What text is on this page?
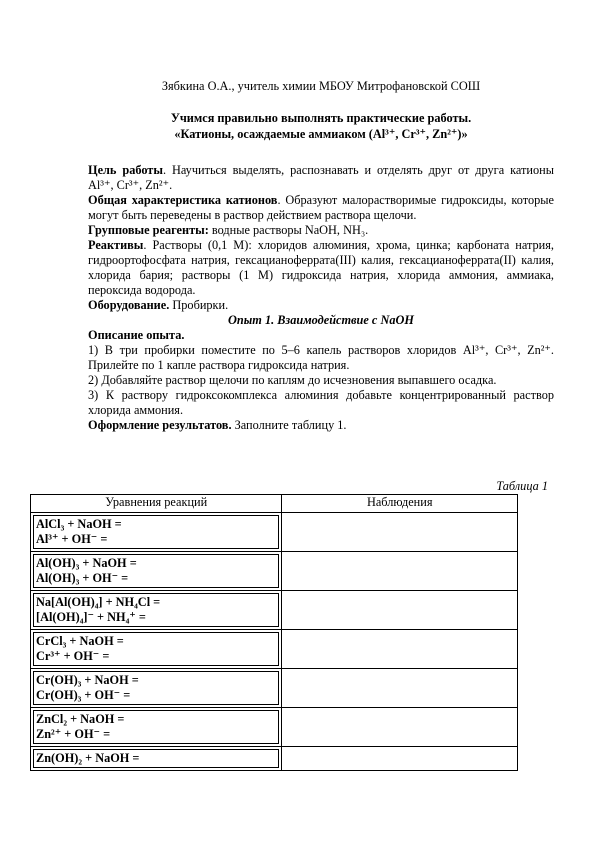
Зябкина О.А., учитель химии МБОУ Митрофановской СОШ
Учимся правильно выполнять практические работы.
«Катионы, осаждаемые аммиаком (Al³⁺, Cr³⁺, Zn²⁺)»

Цель работы. Научиться выделять, распознавать и отделять друг от друга катионы Al³⁺, Cr³⁺, Zn²⁺.

Общая характеристика катионов. Образуют малорастворимые гидроксиды, которые могут быть переведены в раствор действием раствора щелочи.

Групповые реагенты: водные растворы NaOH, NH₃.

Реактивы. Растворы (0,1 М): хлоридов алюминия, хрома, цинка; карбоната натрия, гидроортофосфата натрия, гексацианоферрата(III) калия, гексацианоферрата(II) калия, хлорида бария; растворы (1 М) гидроксида натрия, хлорида аммония, аммиака, пероксида водорода.

Оборудование. Пробирки.

Опыт 1. Взаимодействие с NaOH

Описание опыта.

1) В три пробирки поместите по 5–6 капель растворов хлоридов Al³⁺, Cr³⁺, Zn²⁺. Прилейте по 1 капле раствора гидроксида натрия.

2) Добавляйте раствор щелочи по каплям до исчезновения выпавшего осадка.

3) К раствору гидроксокомплекса алюминия добавьте концентрированный раствор хлорида аммония.

Оформление результатов. Заполните таблицу 1.

Таблица 1
Уравнения реакций	Наблюдения

AlCl₃ + NaOH =
Al³⁺ + OH⁻ =	

Al(OH)₃ + NaOH =
Al(OH)₃ + OH⁻ =	

Na[Al(OH)₄] + NH₄Cl =
[Al(OH)₄]⁻ + NH₄⁺ =	

CrCl₃ + NaOH =
Cr³⁺ + OH⁻ =	

Cr(OH)₃ + NaOH =
Cr(OH)₃ + OH⁻ =	

ZnCl₂ + NaOH =
Zn²⁺ + OH⁻ =	

Zn(OH)₂ + NaOH =	
